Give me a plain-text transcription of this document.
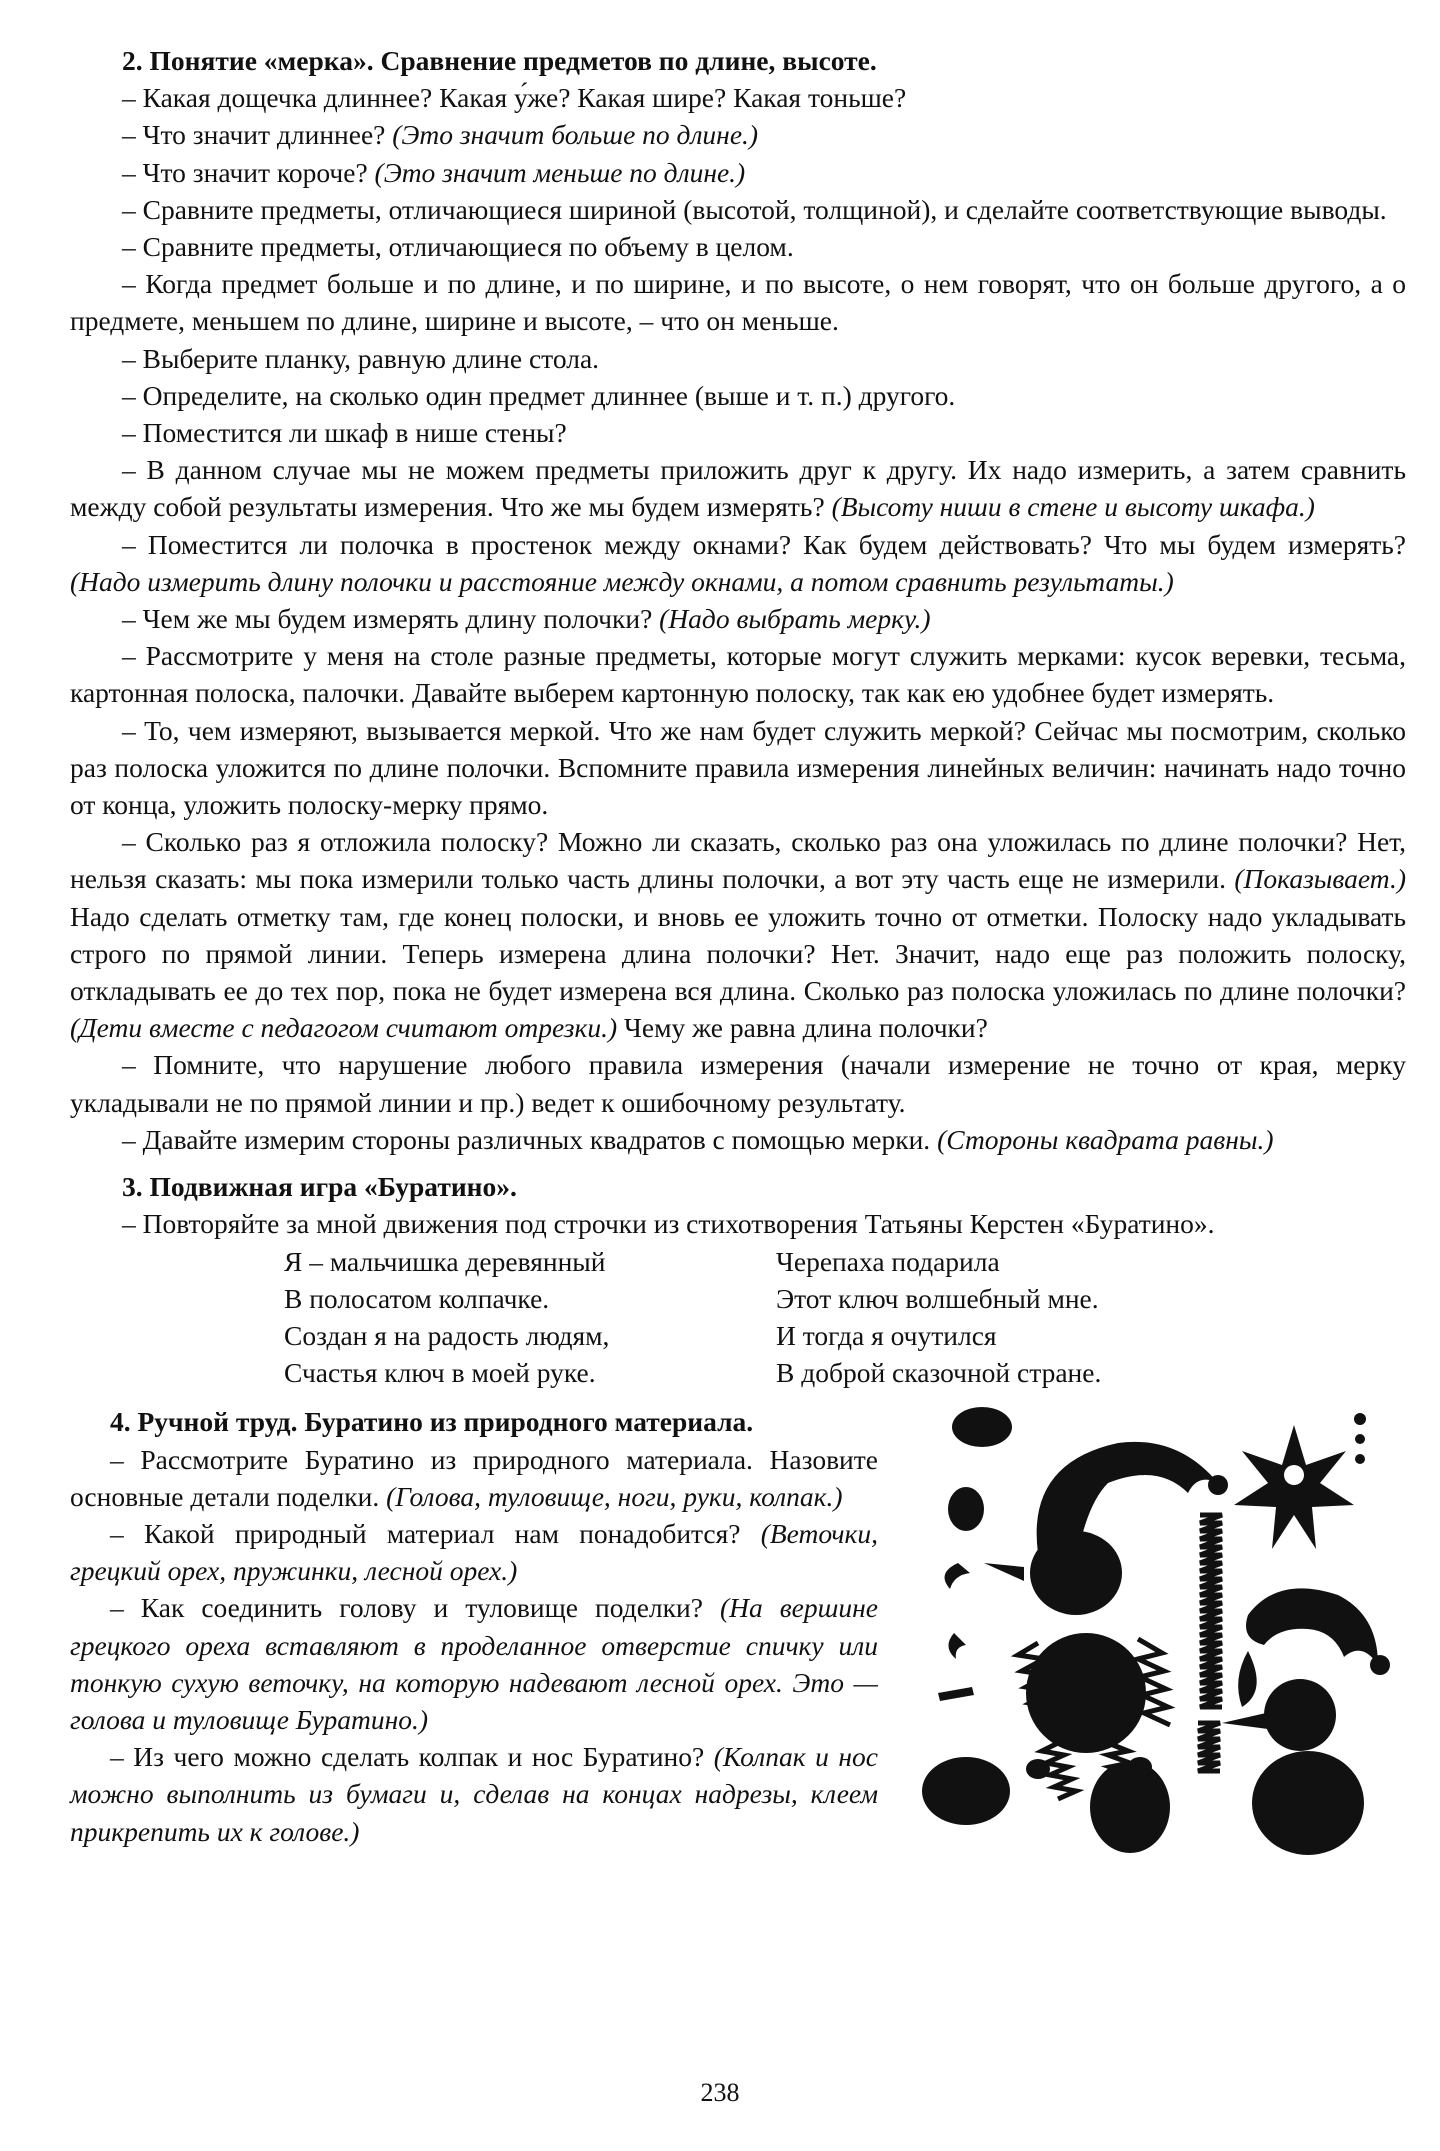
2. Понятие «мерка». Сравнение предметов по длине, высоте.

– Какая дощечка длиннее? Какая у́же? Какая шире? Какая тоньше?

– Что значит длиннее? (Это значит больше по длине.)

– Что значит короче? (Это значит меньше по длине.)

– Сравните предметы, отличающиеся шириной (высотой, толщиной), и сделайте соответствующие выводы.

– Сравните предметы, отличающиеся по объему в целом.

– Когда предмет больше и по длине, и по ширине, и по высоте, о нем говорят, что он больше другого, а о предмете, меньшем по длине, ширине и высоте, – что он меньше.

– Выберите планку, равную длине стола.

– Определите, на сколько один предмет длиннее (выше и т. п.) другого.

– Поместится ли шкаф в нише стены?

– В данном случае мы не можем предметы приложить друг к другу. Их надо измерить, а затем сравнить между собой результаты измерения. Что же мы будем измерять? (Высоту ниши в стене и высоту шкафа.)

– Поместится ли полочка в простенок между окнами? Как будем действовать? Что мы будем измерять? (Надо измерить длину полочки и расстояние между окнами, а потом сравнить результаты.)

– Чем же мы будем измерять длину полочки? (Надо выбрать мерку.)

– Рассмотрите у меня на столе разные предметы, которые могут служить мерками: кусок веревки, тесьма, картонная полоска, палочки. Давайте выберем картонную полоску, так как ею удобнее будет измерять.

– То, чем измеряют, вызывается меркой. Что же нам будет служить меркой? Сейчас мы посмотрим, сколько раз полоска уложится по длине полочки. Вспомните правила измерения линейных величин: начинать надо точно от конца, уложить полоску-мерку прямо.

– Сколько раз я отложила полоску? Можно ли сказать, сколько раз она уложилась по длине полочки? Нет, нельзя сказать: мы пока измерили только часть длины полочки, а вот эту часть еще не измерили. (Показывает.) Надо сделать отметку там, где конец полоски, и вновь ее уложить точно от отметки. Полоску надо укладывать строго по прямой линии. Теперь измерена длина полочки? Нет. Значит, надо еще раз положить полоску, откладывать ее до тех пор, пока не будет измерена вся длина. Сколько раз полоска уложилась по длине полочки? (Дети вместе с педагогом считают отрезки.) Чему же равна длина полочки?

– Помните, что нарушение любого правила измерения (начали измерение не точно от края, мерку укладывали не по прямой линии и пр.) ведет к ошибочному результату.

– Давайте измерим стороны различных квадратов с помощью мерки. (Стороны квадрата равны.)

3. Подвижная игра «Буратино».

– Повторяйте за мной движения под строчки из стихотворения Татьяны Керстен «Буратино».

Я – мальчишка деревянный
В полосатом колпачке.
Создан я на радость людям,
Счастья ключ в моей руке.
Черепаха подарила
Этот ключ волшебный мне.
И тогда я очутился
В доброй сказочной стране.

4. Ручной труд. Буратино из природного материала.

– Рассмотрите Буратино из природного материала. Назовите основные детали поделки. (Голова, туловище, ноги, руки, колпак.)

– Какой природный материал нам понадобится? (Веточки, грецкий орех, пружинки, лесной орех.)

– Как соединить голову и туловище поделки? (На вершине грецкого ореха вставляют в проделанное отверстие спичку или тонкую сухую веточку, на которую надевают лесной орех. Это — голова и туловище Буратино.)

– Из чего можно сделать колпак и нос Буратино? (Колпак и нос можно выполнить из бумаги и, сделав на концах надрезы, клеем прикрепить их к голове.)

238
